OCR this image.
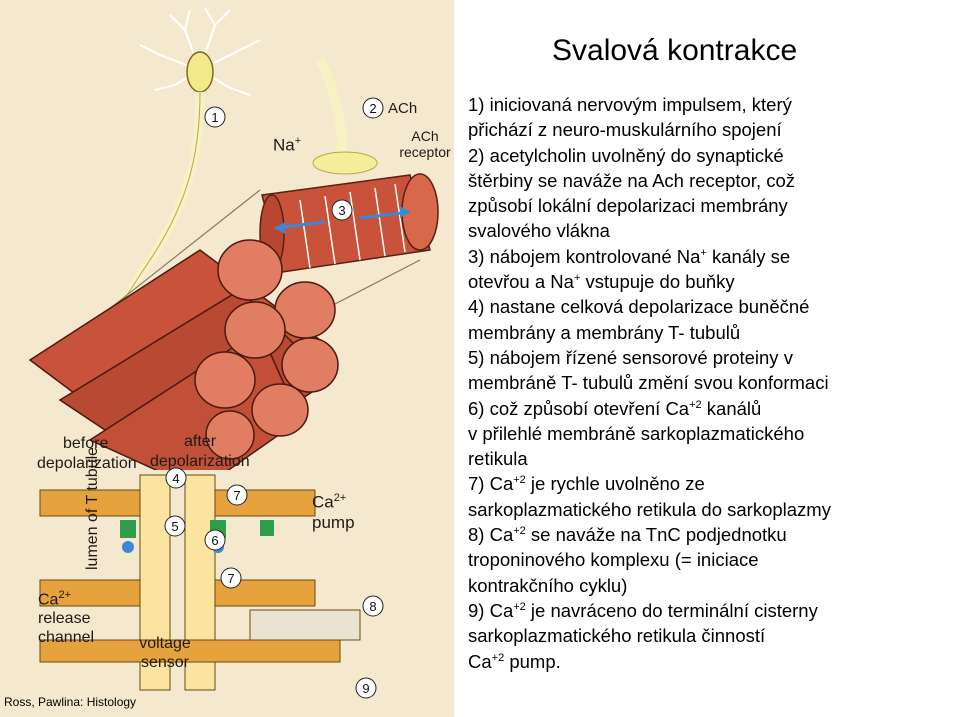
1
2
3
4
5
6
7
7
8
9
ACh
ACh
receptor
Na+
before
depolarization
after
depolarization
$Ca^{2+}$
pump
lumen of T tubule
$Ca^{2+}$
release
channel	voltage
sensor
Ross, Pawlina: Histology
Svalová kontrakce
1) iniciovaná nervovým impulsem, který
přichází z neuro-muskulárního spojení
2) acetylcholin uvolněný do synaptické
štěrbiny se naváže na Ach receptor, což
způsobí lokální depolarizaci membrány
svalového vlákna
3) nábojem kontrolované Na+ kanály se
otevřou a Na+ vstupuje do buňky
4) nastane celková depolarizace buněčné
membrány a membrány T- tubulů
5) nábojem řízené sensorové proteiny v
membráně T- tubulů změní svou konformaci
6) což způsobí otevření $Ca^{+2}$ kanálů
v přilehlé membráně sarkoplazmatického
retikula
7) $Ca^{+2}$ je rychle uvolněno ze
sarkoplazmatického retikula do sarkoplazmy
8) $Ca^{+2}$ se naváže na TnC podjednotku
troponinového komplexu (= iniciace
kontrakčního cyklu)
9) $Ca^{+2}$ je navráceno do terminální cisterny
sarkoplazmatického retikula činností
$Ca^{+2}$ pump.
